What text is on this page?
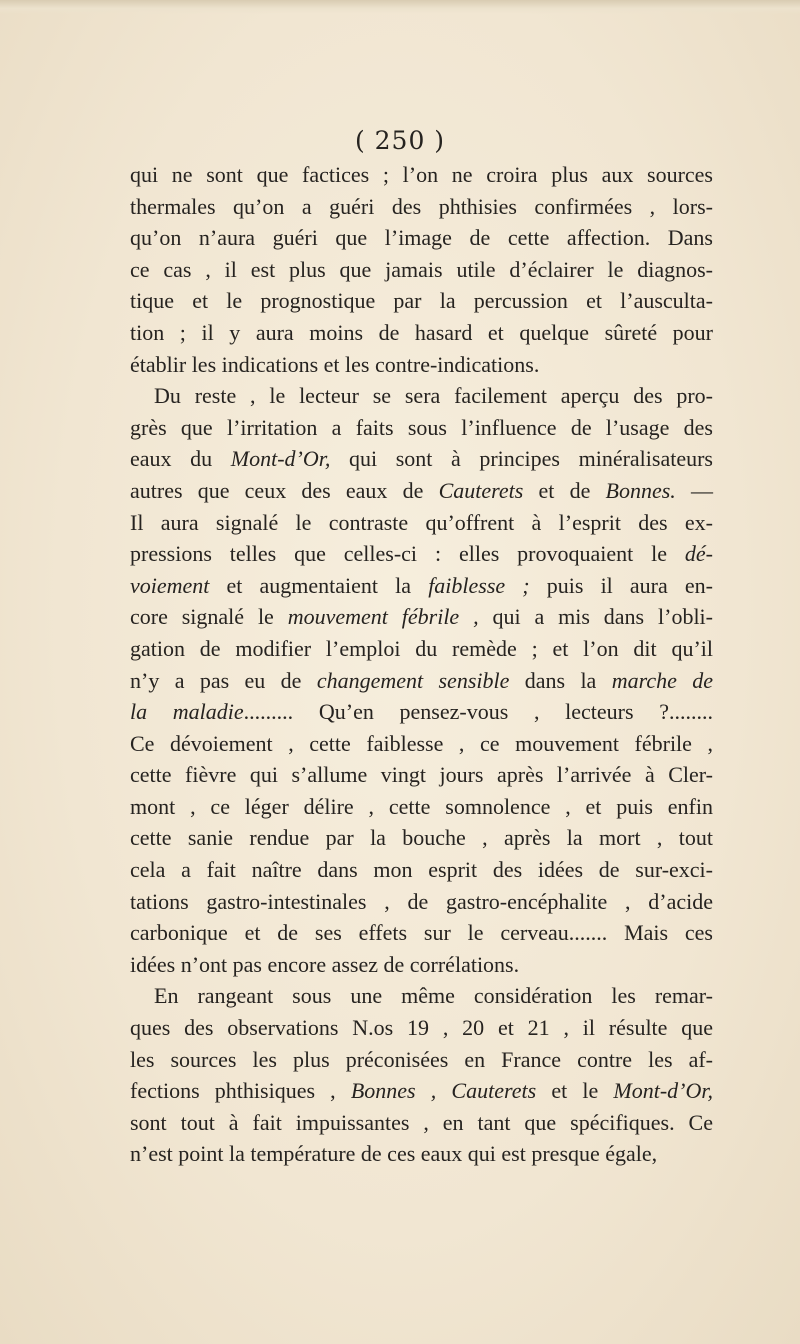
( 250 )
qui ne sont que factices ; l’on ne croira plus aux sources
thermales qu’on a guéri des phthisies confirmées , lors-
qu’on n’aura guéri que l’image de cette affection. Dans
ce cas , il est plus que jamais utile d’éclairer le diagnos-
tique et le prognostique par la percussion et l’ausculta-
tion ; il y aura moins de hasard et quelque sûreté pour
établir les indications et les contre-indications.
Du reste , le lecteur se sera facilement aperçu des pro-
grès que l’irritation a faits sous l’influence de l’usage des
eaux du Mont-d’Or, qui sont à principes minéralisateurs
autres que ceux des eaux de Cauterets et de Bonnes. —
Il aura signalé le contraste qu’offrent à l’esprit des ex-
pressions telles que celles-ci : elles provoquaient le dé-
voiement et augmentaient la faiblesse ; puis il aura en-
core signalé le mouvement fébrile , qui a mis dans l’obli-
gation de modifier l’emploi du remède ; et l’on dit qu’il
n’y a pas eu de changement sensible dans la marche de
la maladie......... Qu’en pensez-vous , lecteurs ?........
Ce dévoiement , cette faiblesse , ce mouvement fébrile ,
cette fièvre qui s’allume vingt jours après l’arrivée à Cler-
mont , ce léger délire , cette somnolence , et puis enfin
cette sanie rendue par la bouche , après la mort , tout
cela a fait naître dans mon esprit des idées de sur-exci-
tations gastro-intestinales , de gastro-encéphalite , d’acide
carbonique et de ses effets sur le cerveau....... Mais ces
idées n’ont pas encore assez de corrélations.
En rangeant sous une même considération les remar-
ques des observations N.os 19 , 20 et 21 , il résulte que
les sources les plus préconisées en France contre les af-
fections phthisiques , Bonnes , Cauterets et le Mont-d’Or,
sont tout à fait impuissantes , en tant que spécifiques. Ce
n’est point la température de ces eaux qui est presque égale,
